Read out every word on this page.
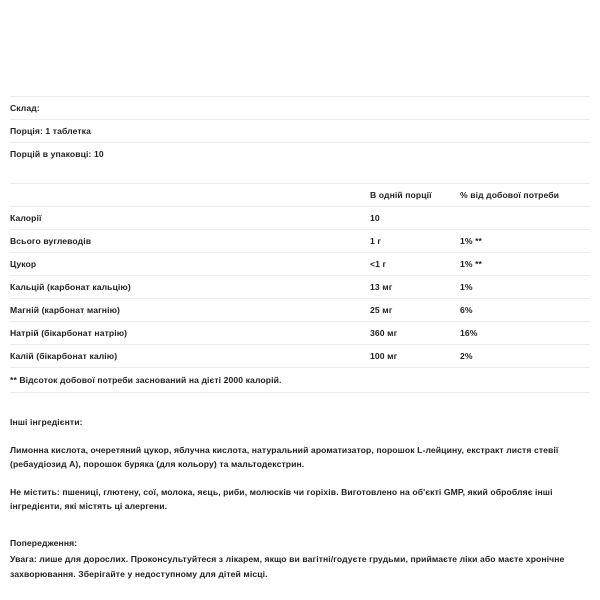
Склад:		
Порція: 1 таблетка		
Порцій в упаковці: 10		

	В одній порції	% від добової потреби
Калорії	10	
Всього вуглеводів	1 г	1% **
Цукор	<1 г	1% **
Кальцій (карбонат кальцію)	13 мг	1%
Магній (карбонат магнію)	25 мг	6%
Натрій (бікарбонат натрію)	360 мг	16%
Калій (бікарбонат калію)	100 мг	2%
** Відсоток добової потреби заснований на дієті 2000 калорій.		

Інші інгредієнти:

Лимонна кислота, очеретяний цукор, яблучна кислота, натуральний ароматизатор, порошок L-лейцину, екстракт листя стевії (ребаудіозид А), порошок буряка (для кольору) та мальтодекстрин.

Не містить: пшениці, глютену, сої, молока, яєць, риби, молюсків чи горіхів. Виготовлено на об'єкті GMP, який обробляє інші інгредієнти, які містять ці алергени.

Попередження:

Увага: лише для дорослих. Проконсультуйтеся з лікарем, якщо ви вагітні/годуєте грудьми, приймаєте ліки або маєте хронічне захворювання. Зберігайте у недоступному для дітей місці.
